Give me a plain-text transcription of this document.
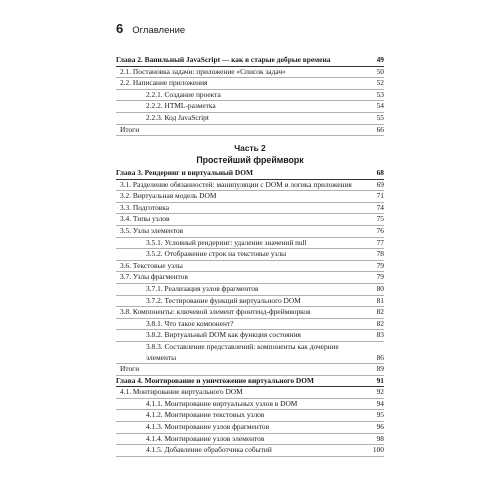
6 Оглавление
Глава 2. Ванильный JavaScript — как в старые добрые времена	49
2.1. Постановка задачи: приложение «Список задач»	50
2.2. Написание приложения	52
2.2.1. Создание проекта	53
2.2.2. HTML-разметка	54
2.2.3. Код JavaScript	55
Итоги	66
Часть 2
Простейший фреймворк
Глава 3. Рендеринг и виртуальный DOM	68
3.1. Разделение обязанностей: манипуляции с DOM и логика приложения	69
3.2. Виртуальная модель DOM	71
3.3. Подготовка	74
3.4. Типы узлов	75
3.5. Узлы элементов	76
3.5.1. Условный рендеринг: удаление значений null	77
3.5.2. Отображение строк на текстовые узлы	78
3.6. Текстовые узлы	79
3.7. Узлы фрагментов	79
3.7.1. Реализация узлов фрагментов	80
3.7.2. Тестирование функций виртуального DOM	81
3.8. Компоненты: ключевой элемент фронтенд-фреймворков	82
3.8.1. Что такое компонент?	82
3.8.2. Виртуальный DOM как функция состояния	83
3.8.3. Составление представлений: компоненты как дочерние элементы	86
Итоги	89
Глава 4. Монтирование и уничтожение виртуального DOM	91
4.1. Монтирование виртуального DOM	92
4.1.1. Монтирование виртуальных узлов в DOM	94
4.1.2. Монтирование текстовых узлов	95
4.1.3. Монтирование узлов фрагментов	96
4.1.4. Монтирование узлов элементов	98
4.1.5. Добавление обработчика событий	100
